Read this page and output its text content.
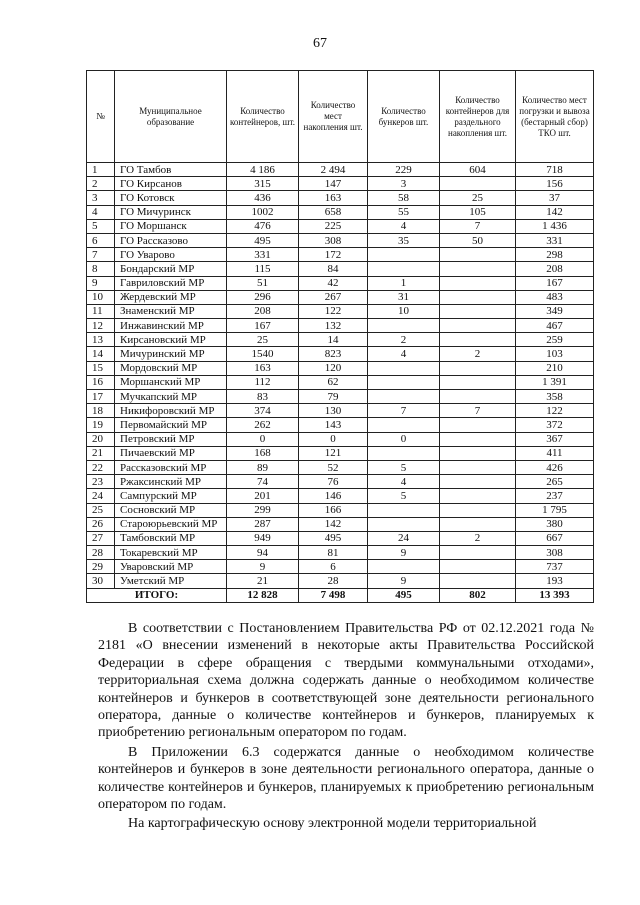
67
№	Муниципальное образование	Количество контейнеров, шт.	Количество мест накопления шт.	Количество бункеров шт.	Количество контейнеров для раздельного накопления шт.	Количество мест погрузки и вывоза (бестарный сбор) ТКО шт.
1	ГО Тамбов	4 186	2 494	229	604	718
2	ГО Кирсанов	315	147	3		156
3	ГО Котовск	436	163	58	25	37
4	ГО Мичуринск	1002	658	55	105	142
5	ГО Моршанск	476	225	4	7	1 436
6	ГО Рассказово	495	308	35	50	331
7	ГО Уварово	331	172			298
8	Бондарский МР	115	84			208
9	Гавриловский МР	51	42	1		167
10	Жердевский МР	296	267	31		483
11	Знаменский МР	208	122	10		349
12	Инжавинский МР	167	132			467
13	Кирсановский МР	25	14	2		259
14	Мичуринский МР	1540	823	4	2	103
15	Мордовский МР	163	120			210
16	Моршанский МР	112	62			1 391
17	Мучкапский МР	83	79			358
18	Никифоровский МР	374	130	7	7	122
19	Первомайский МР	262	143			372
20	Петровский МР	0	0	0		367
21	Пичаевский МР	168	121			411
22	Рассказовский МР	89	52	5		426
23	Ржаксинский МР	74	76	4		265
24	Сампурский МР	201	146	5		237
25	Сосновский МР	299	166			1 795
26	Староюрьевский МР	287	142			380
27	Тамбовский МР	949	495	24	2	667
28	Токаревский МР	94	81	9		308
29	Уваровский МР	9	6			737
30	Уметский МР	21	28	9		193
ИТОГО:		12 828	7 498	495	802	13 393

В соответствии с Постановлением Правительства РФ от 02.12.2021 года № 2181 «О внесении изменений в некоторые акты Правительства Российской Федерации в сфере обращения с твердыми коммунальными отходами», территориальная схема должна содержать данные о необходимом количестве контейнеров и бункеров в соответствующей зоне деятельности регионального оператора, данные о количестве контейнеров и бункеров, планируемых к приобретению региональным оператором по годам.

В Приложении 6.3 содержатся данные о необходимом количестве контейнеров и бункеров в зоне деятельности регионального оператора, данные о количестве контейнеров и бункеров, планируемых к приобретению региональным оператором по годам.

На картографическую основу электронной модели территориальной
